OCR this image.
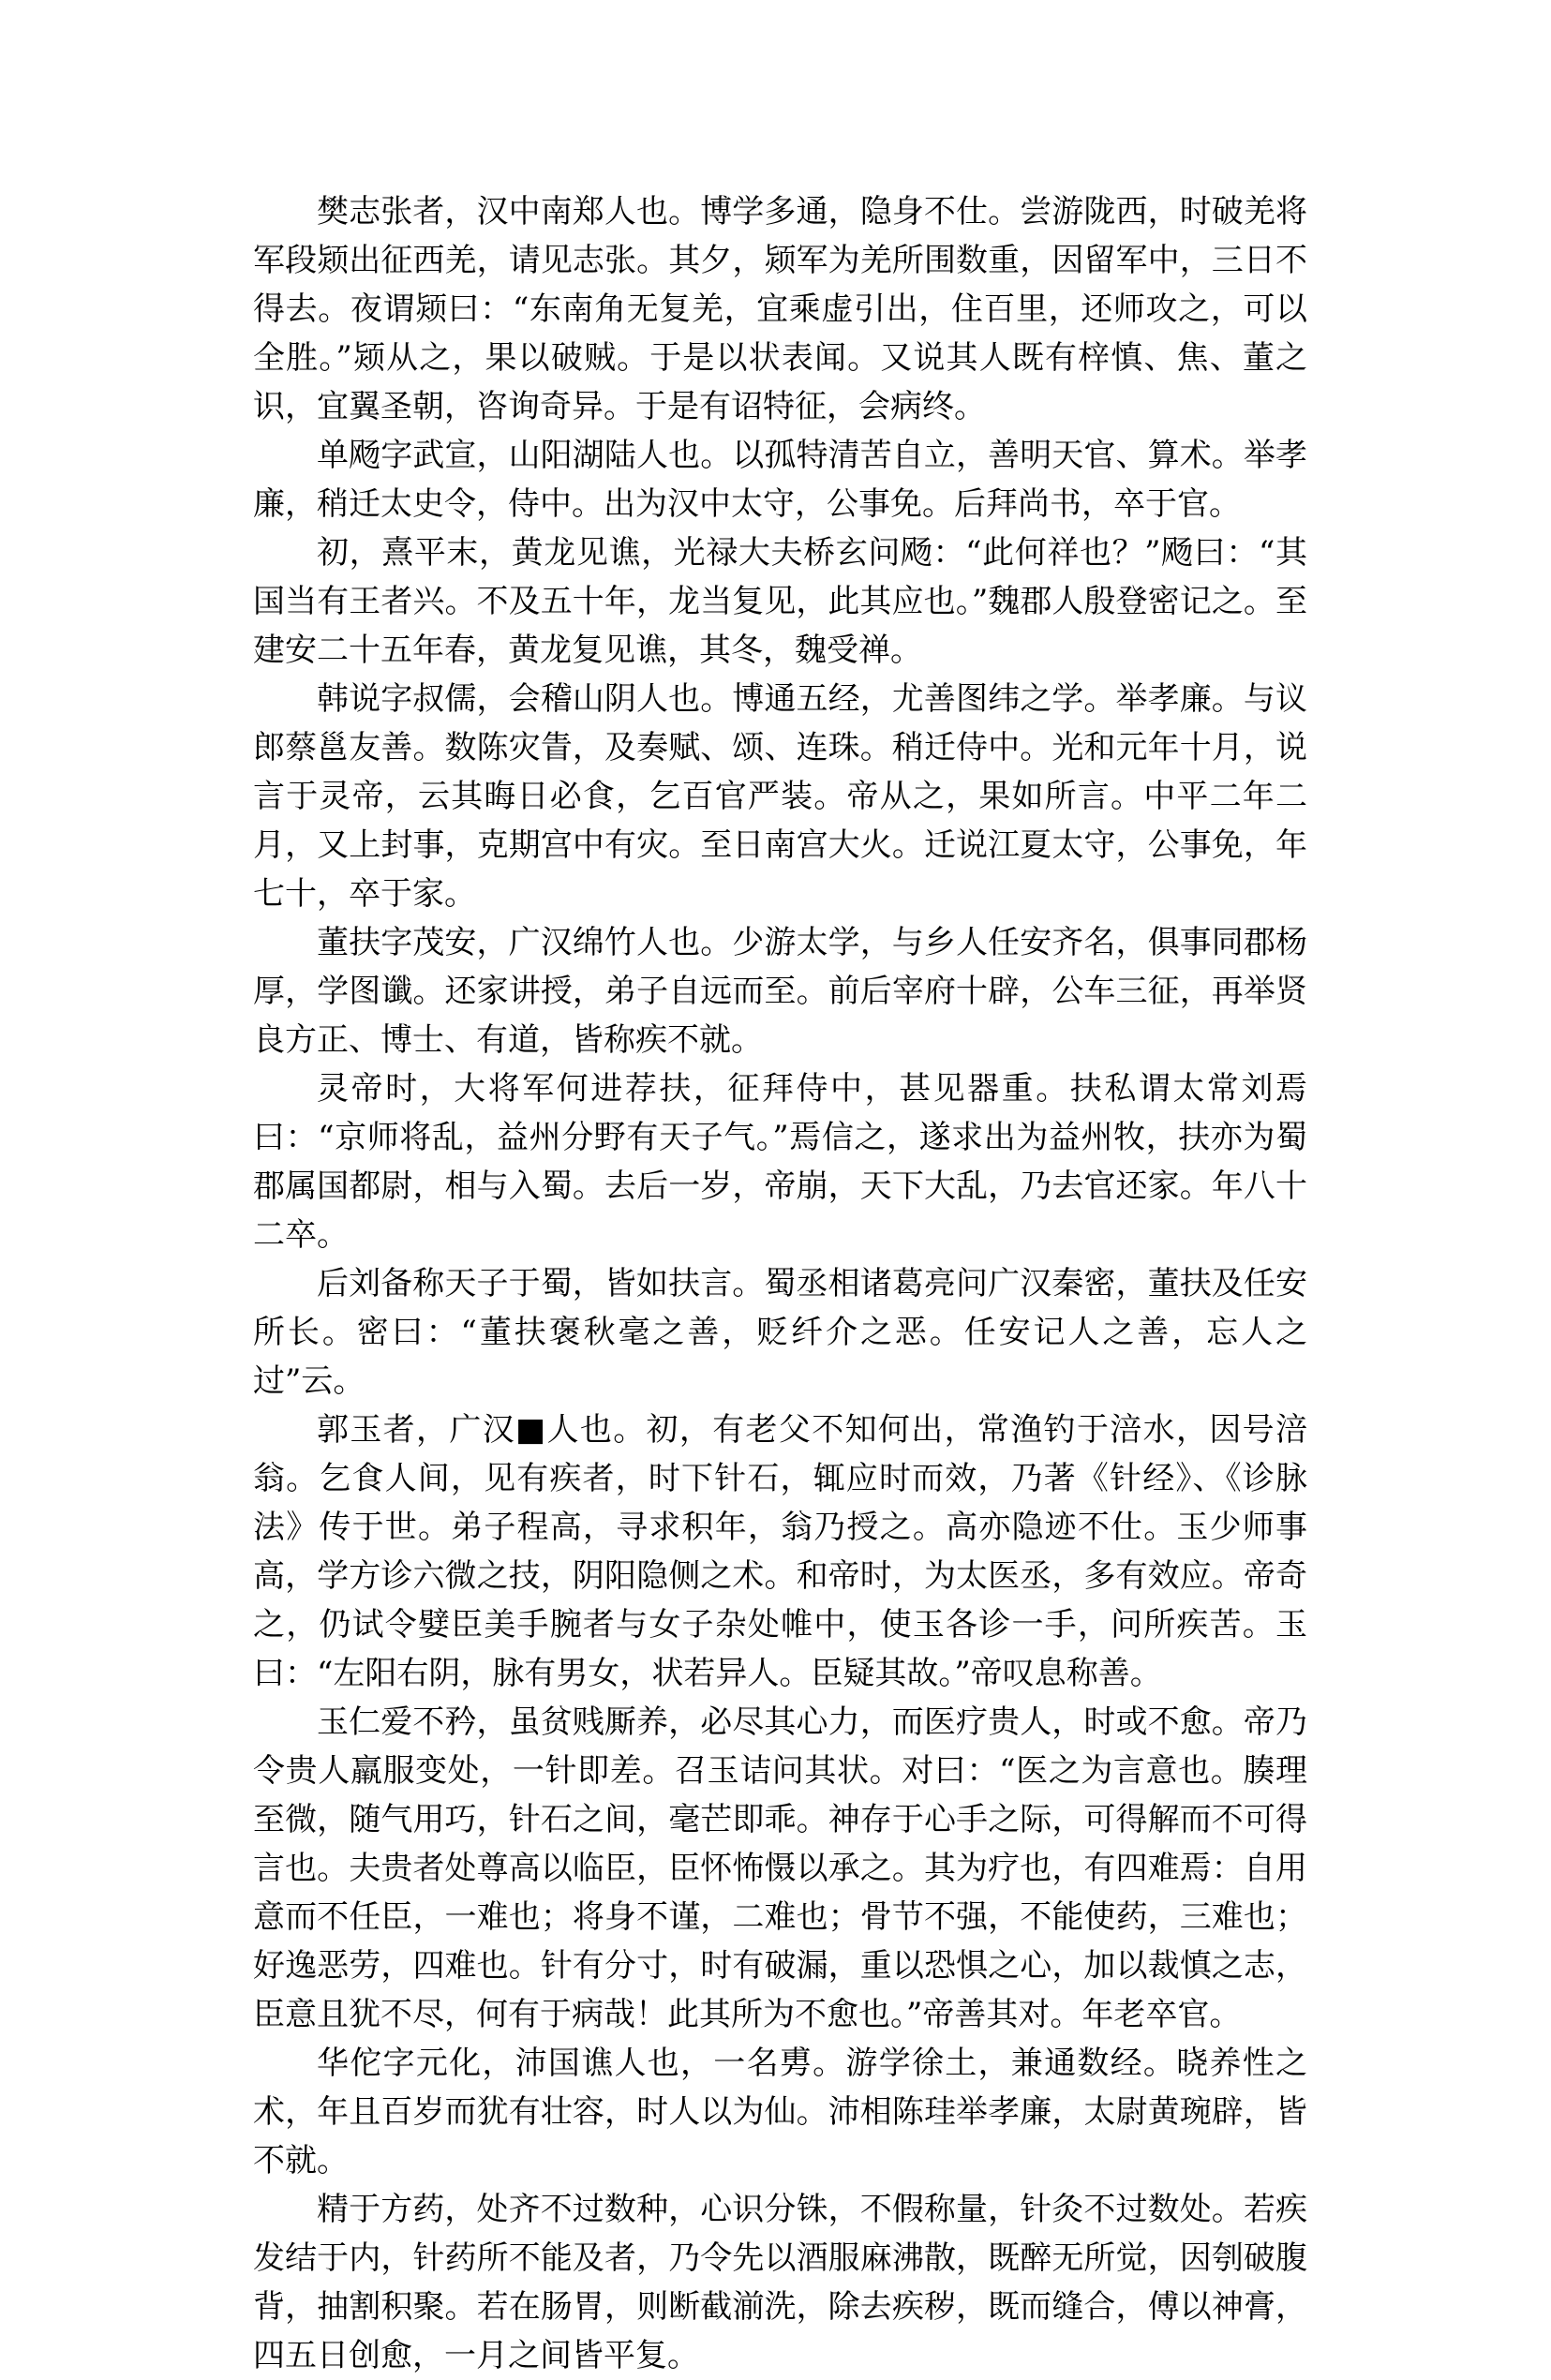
樊志张者，汉中南郑人也。博学多通，隐身不仕。尝游陇西，时破羌将军段颎出征西羌，请见志张。其夕，颎军为羌所围数重，因留军中，三日不得去。夜谓颎曰：“东南角无复羌，宜乘虚引出，住百里，还师攻之，可以全胜。”颎从之，果以破贼。于是以状表闻。又说其人既有梓慎、焦、董之识，宜翼圣朝，咨询奇异。于是有诏特征，会病终。

单飏字武宣，山阳湖陆人也。以孤特清苦自立，善明天官、算术。举孝廉，稍迁太史令，侍中。出为汉中太守，公事免。后拜尚书，卒于官。

初，熹平末，黄龙见谯，光禄大夫桥玄问飏：“此何祥也？”飏曰：“其国当有王者兴。不及五十年，龙当复见，此其应也。”魏郡人殷登密记之。至建安二十五年春，黄龙复见谯，其冬，魏受禅。

韩说字叔儒，会稽山阴人也。博通五经，尤善图纬之学。举孝廉。与议郎蔡邕友善。数陈灾眚，及奏赋、颂、连珠。稍迁侍中。光和元年十月，说言于灵帝，云其晦日必食，乞百官严装。帝从之，果如所言。中平二年二月，又上封事，克期宫中有灾。至日南宫大火。迁说江夏太守，公事免，年七十，卒于家。

董扶字茂安，广汉绵竹人也。少游太学，与乡人任安齐名，俱事同郡杨厚，学图谶。还家讲授，弟子自远而至。前后宰府十辟，公车三征，再举贤良方正、博士、有道，皆称疾不就。

灵帝时，大将军何进荐扶，征拜侍中，甚见器重。扶私谓太常刘焉曰：“京师将乱，益州分野有天子气。”焉信之，遂求出为益州牧，扶亦为蜀郡属国都尉，相与入蜀。去后一岁，帝崩，天下大乱，乃去官还家。年八十二卒。

后刘备称天子于蜀，皆如扶言。蜀丞相诸葛亮问广汉秦密，董扶及任安所长。密曰：“董扶褒秋毫之善，贬纤介之恶。任安记人之善，忘人之过”云。

郭玉者，广汉■人也。初，有老父不知何出，常渔钓于涪水，因号涪翁。乞食人间，见有疾者，时下针石，辄应时而效，乃著《针经》、《诊脉法》传于世。弟子程高，寻求积年，翁乃授之。高亦隐迹不仕。玉少师事高，学方诊六微之技，阴阳隐侧之术。和帝时，为太医丞，多有效应。帝奇之，仍试令嬖臣美手腕者与女子杂处帷中，使玉各诊一手，问所疾苦。玉曰：“左阳右阴，脉有男女，状若异人。臣疑其故。”帝叹息称善。

玉仁爱不矜，虽贫贱厮养，必尽其心力，而医疗贵人，时或不愈。帝乃令贵人羸服变处，一针即差。召玉诘问其状。对曰：“医之为言意也。腠理至微，随气用巧，针石之间，毫芒即乖。神存于心手之际，可得解而不可得言也。夫贵者处尊高以临臣，臣怀怖慑以承之。其为疗也，有四难焉：自用意而不任臣，一难也；将身不谨，二难也；骨节不强，不能使药，三难也；好逸恶劳，四难也。针有分寸，时有破漏，重以恐惧之心，加以裁慎之志，臣意且犹不尽，何有于病哉！此其所为不愈也。”帝善其对。年老卒官。

华佗字元化，沛国谯人也，一名旉。游学徐土，兼通数经。晓养性之术，年且百岁而犹有壮容，时人以为仙。沛相陈珪举孝廉，太尉黄琬辟，皆不就。

精于方药，处齐不过数种，心识分铢，不假称量，针灸不过数处。若疾发结于内，针药所不能及者，乃令先以酒服麻沸散，既醉无所觉，因刳破腹背，抽割积聚。若在肠胃，则断截湔洗，除去疾秽，既而缝合，傅以神膏，四五日创愈，一月之间皆平复。
